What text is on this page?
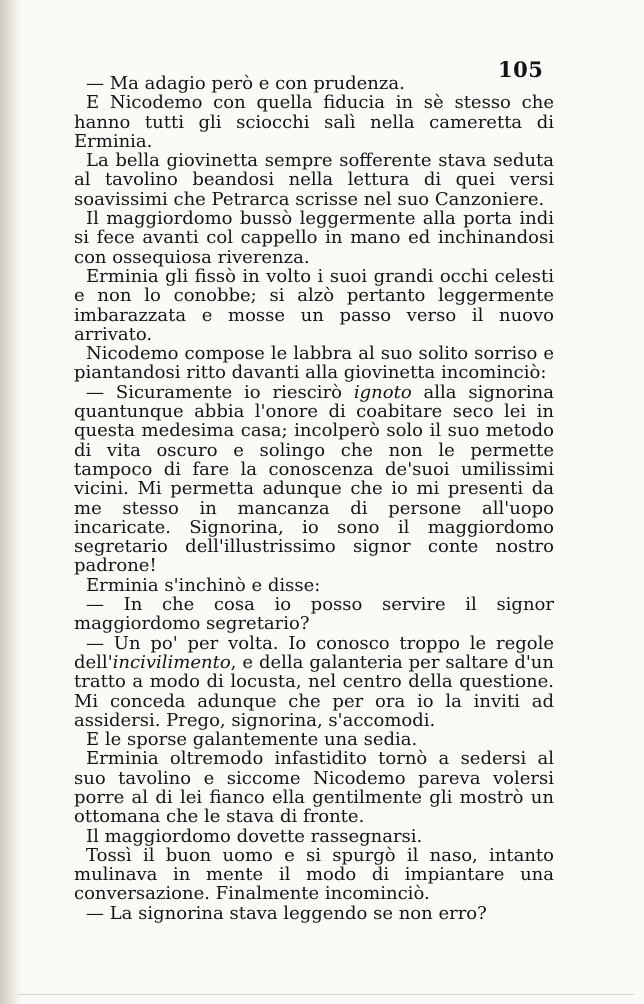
105

— Ma adagio però e con prudenza.

E Nicodemo con quella fiducia in sè stesso che hanno tutti gli sciocchi salì nella cameretta di Erminia.

La bella giovinetta sempre sofferente stava seduta al tavolino beandosi nella lettura di quei versi soavissimi che Petrarca scrisse nel suo Canzoniere.

Il maggiordomo bussò leggermente alla porta indi si fece avanti col cappello in mano ed inchinandosi con ossequiosa riverenza.

Erminia gli fissò in volto i suoi grandi occhi celesti e non lo conobbe; si alzò pertanto leggermente imbarazzata e mosse un passo verso il nuovo arrivato.

Nicodemo compose le labbra al suo solito sorriso e piantandosi ritto davanti alla giovinetta incominciò:

— Sicuramente io riescirò ignoto alla signorina quantunque abbia l'onore di coabitare seco lei in questa medesima casa; incolperò solo il suo metodo di vita oscuro e solingo che non le permette tampoco di fare la conoscenza de'suoi umilissimi vicini. Mi permetta adunque che io mi presenti da me stesso in mancanza di persone all'uopo incaricate. Signorina, io sono il maggiordomo segretario dell'illustrissimo signor conte nostro padrone!

Erminia s'inchinò e disse:

— In che cosa io posso servire il signor maggiordomo segretario?

— Un po' per volta. Io conosco troppo le regole dell'incivilimento, e della galanteria per saltare d'un tratto a modo di locusta, nel centro della questione. Mi conceda adunque che per ora io la inviti ad assidersi. Prego, signorina, s'accomodi.

E le sporse galantemente una sedia.

Erminia oltremodo infastidito tornò a sedersi al suo tavolino e siccome Nicodemo pareva volersi porre al di lei fianco ella gentilmente gli mostrò un ottomana che le stava di fronte.

Il maggiordomo dovette rassegnarsi.

Tossì il buon uomo e si spurgò il naso, intanto mulinava in mente il modo di impiantare una conversazione. Finalmente incominciò.

— La signorina stava leggendo se non erro?
